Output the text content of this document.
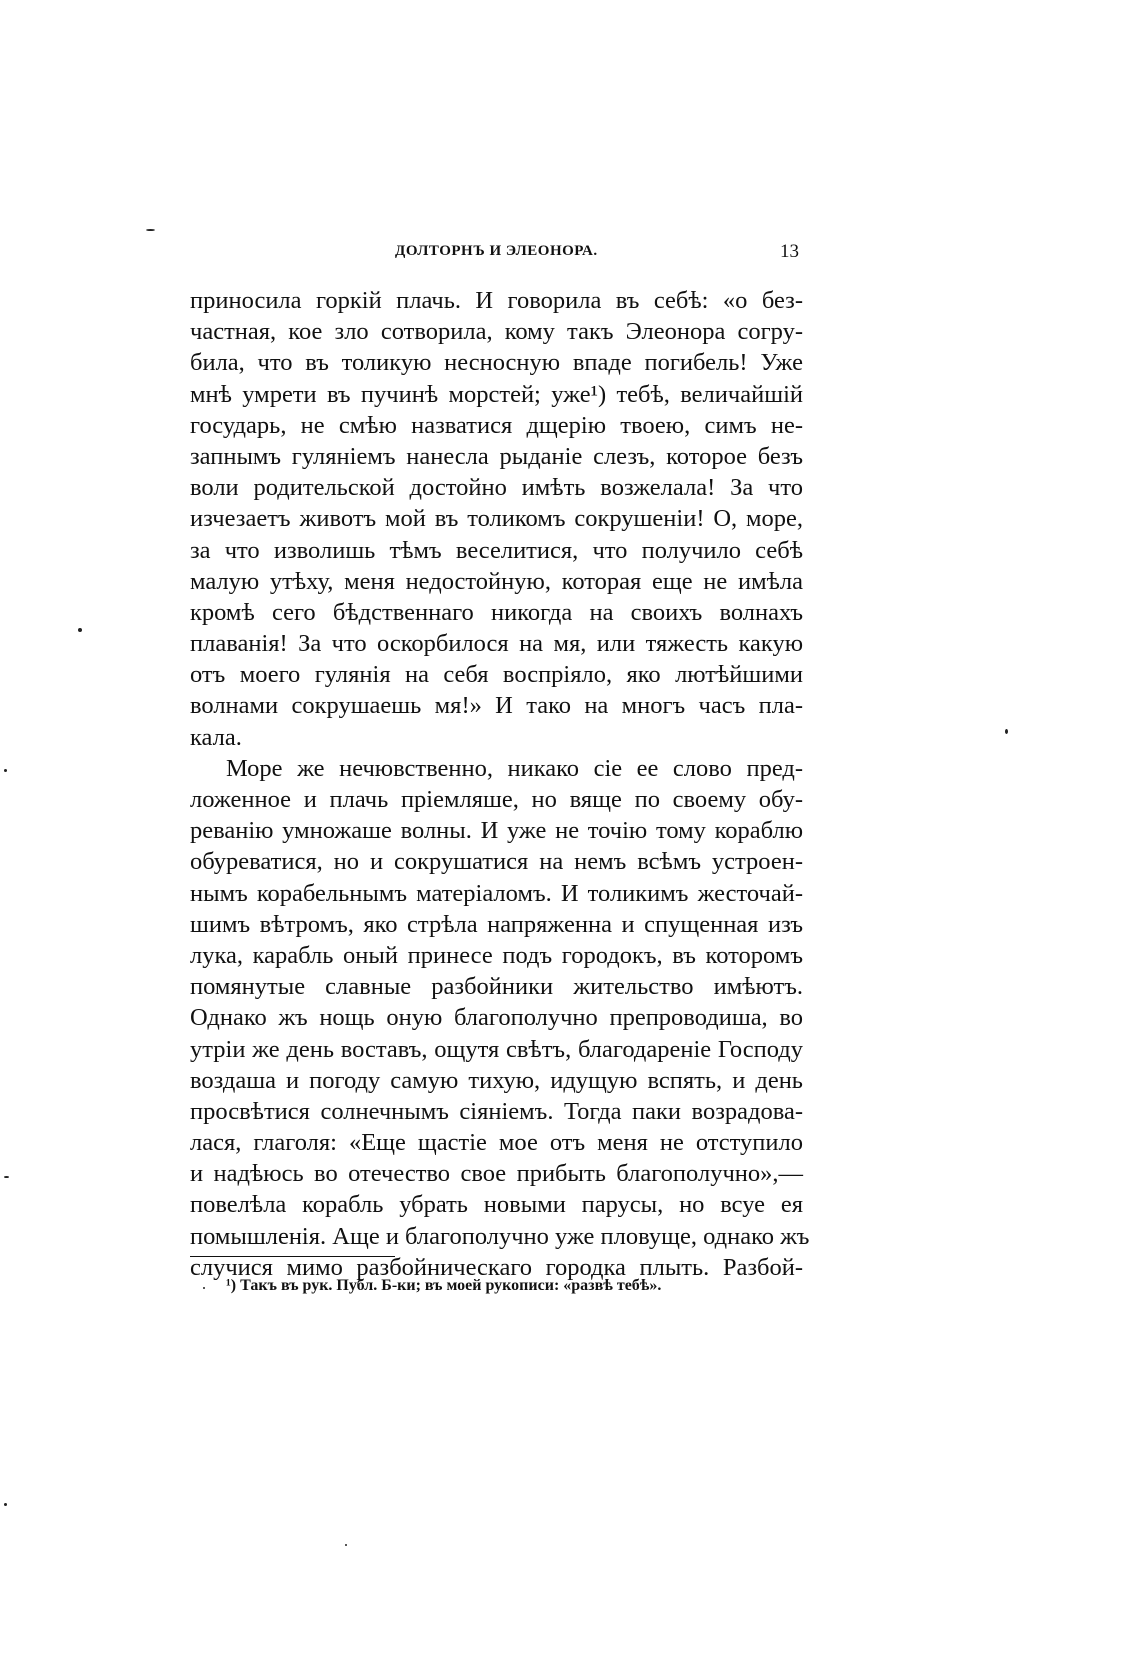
ДОЛТОРНЪ И ЭЛЕОНОРА.	13
приносила горкій плачь. И говорила въ себѣ: «о без-
частная, кое зло сотворила, кому такъ Элеонора согру-
била, что въ толикую несносную впаде погибель! Уже
мнѣ умрети въ пучинѣ морстей; уже¹) тебѣ, величайшій
государь, не смѣю назватися дщерію твоею, симъ не-
запнымъ гуляніемъ нанесла рыданіе слезъ, которое безъ
воли родительской достойно имѣть возжелала! За что
изчезаетъ животъ мой въ толикомъ сокрушеніи! О, море,
за что изволишь тѣмъ веселитися, что получило себѣ
малую утѣху, меня недостойную, которая еще не имѣла
кромѣ сего бѣдственнаго никогда на своихъ волнахъ
плаванія! За что оскорбилося на мя, или тяжесть какую
отъ моего гулянія на себя воспріяло, яко лютѣйшими
волнами сокрушаешь мя!» И тако на многъ часъ пла-
кала.
Море же нечювственно, никако сіе ее слово пред-
ложенное и плачь пріемляше, но вяще по своему обу-
реванію умножаше волны. И уже не точію тому кораблю
обуреватися, но и сокрушатися на немъ всѣмъ устроен-
нымъ корабельнымъ матеріаломъ. И толикимъ жесточай-
шимъ вѣтромъ, яко стрѣла напряженна и спущенная изъ
лука, карабль оный принесе подъ городокъ, въ которомъ
помянутые славные разбойники жительство имѣютъ.
Однако жъ нощь оную благополучно препроводиша, во
утріи же день воставъ, ощутя свѣтъ, благодареніе Господу
воздаша и погоду самую тихую, идущую вспять, и день
просвѣтися солнечнымъ сіяніемъ. Тогда паки возрадова-
лася, глаголя: «Еще щастіе мое отъ меня не отступило
и надѣюсь во отечество свое прибыть благополучно»,—
повелѣла корабль убрать новыми парусы, но всуе ея
помышленія. Аще и благополучно уже пловуще, однако жъ
случися мимо разбойническаго городка плыть. Разбой-
¹) Такъ въ рук. Публ. Б-ки; въ моей рукописи: «развѣ тебѣ».
